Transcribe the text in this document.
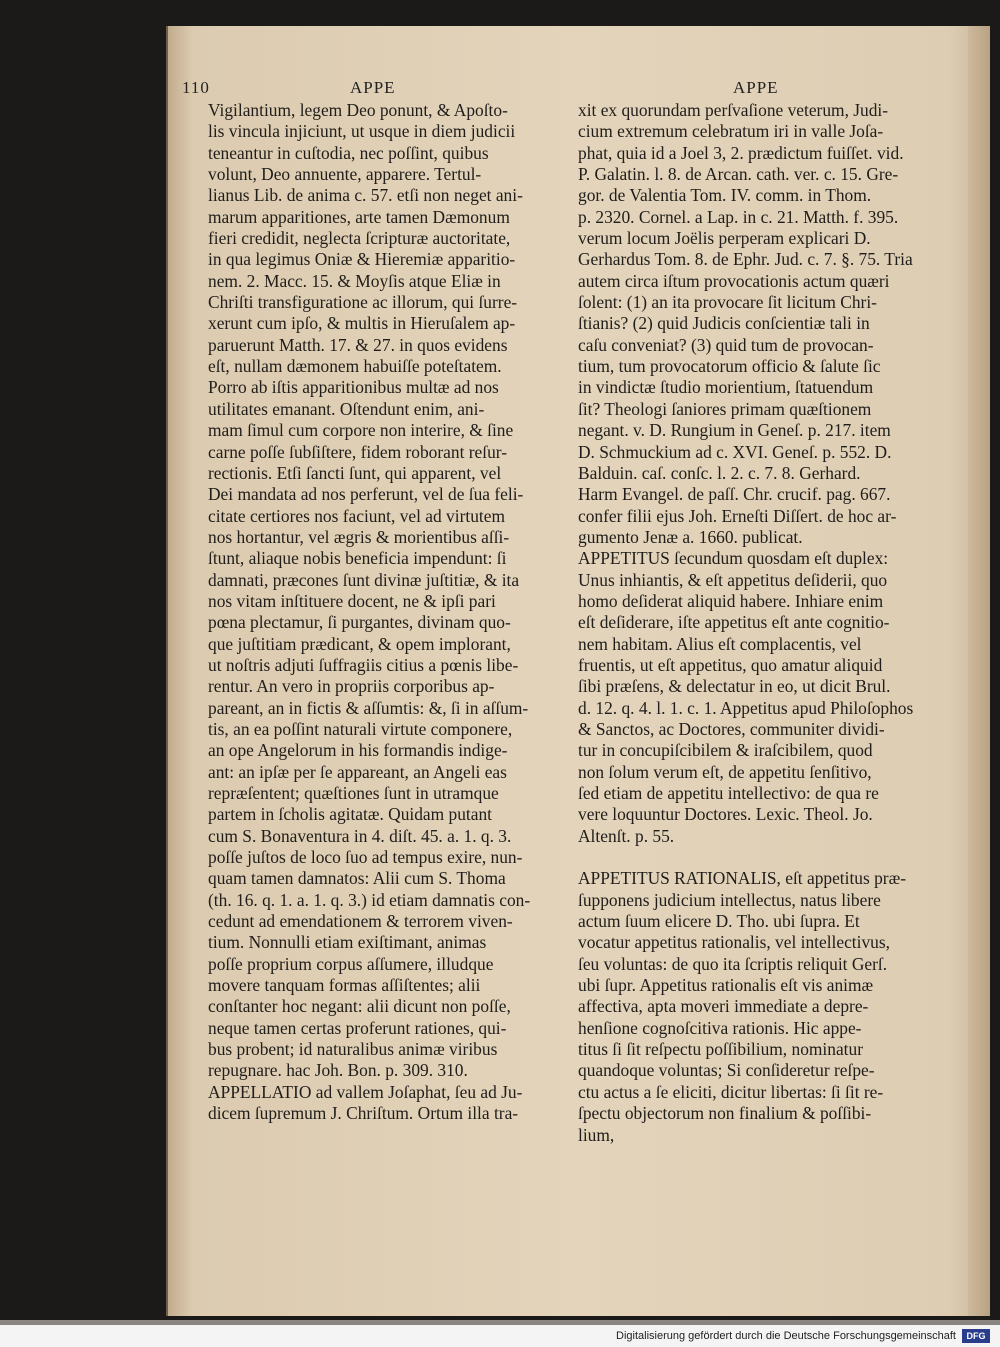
110	APPE	APPE
Vigilantium, legem Deo ponunt, & Apoſto-
lis vincula injiciunt, ut usque in diem judicii
teneantur in cuſtodia, nec poſſint, quibus
volunt, Deo annuente, apparere. Tertul-
lianus Lib. de anima c. 57. etſi non neget ani-
marum apparitiones, arte tamen Dæmonum
fieri credidit, neglecta ſcripturæ auctoritate,
in qua legimus Oniæ & Hieremiæ apparitio-
nem. 2. Macc. 15. & Moyſis atque Eliæ in
Chriſti transfiguratione ac illorum, qui ſurre-
xerunt cum ipſo, & multis in Hieruſalem ap-
paruerunt Matth. 17. & 27. in quos evidens
eſt, nullam dæmonem habuiſſe poteſtatem.
Porro ab iſtis apparitionibus multæ ad nos
utilitates emanant. Oſtendunt enim, ani-
mam ſimul cum corpore non interire, & ſine
carne poſſe ſubſiſtere, fidem roborant reſur-
rectionis. Etſi ſancti ſunt, qui apparent, vel
Dei mandata ad nos perferunt, vel de ſua feli-
citate certiores nos faciunt, vel ad virtutem
nos hortantur, vel ægris & morientibus aſſi-
ſtunt, aliaque nobis beneficia impendunt: ſi
damnati, præcones ſunt divinæ juſtitiæ, & ita
nos vitam inſtituere docent, ne & ipſi pari
pœna plectamur, ſi purgantes, divinam quo-
que juſtitiam prædicant, & opem implorant,
ut noſtris adjuti ſuffragiis citius a pœnis libe-
rentur. An vero in propriis corporibus ap-
pareant, an in fictis & aſſumtis: &, ſi in aſſum-
tis, an ea poſſint naturali virtute componere,
an ope Angelorum in his formandis indige-
ant: an ipſæ per ſe appareant, an Angeli eas
repræſentent; quæſtiones ſunt in utramque
partem in ſcholis agitatæ. Quidam putant
cum S. Bonaventura in 4. diſt. 45. a. 1. q. 3.
poſſe juſtos de loco ſuo ad tempus exire, nun-
quam tamen damnatos: Alii cum S. Thoma
(th. 16. q. 1. a. 1. q. 3.) id etiam damnatis con-
cedunt ad emendationem & terrorem viven-
tium. Nonnulli etiam exiſtimant, animas
poſſe proprium corpus aſſumere, illudque
movere tanquam formas aſſiſtentes; alii
conſtanter hoc negant: alii dicunt non poſſe,
neque tamen certas proferunt rationes, qui-
bus probent; id naturalibus animæ viribus
repugnare. hac Joh. Bon. p. 309. 310.
APPELLATIO ad vallem Joſaphat, ſeu ad Ju-
dicem ſupremum J. Chriſtum. Ortum illa tra-
xit ex quorundam perſvaſione veterum, Judi-
cium extremum celebratum iri in valle Joſa-
phat, quia id a Joel 3, 2. prædictum fuiſſet. vid.
P. Galatin. l. 8. de Arcan. cath. ver. c. 15. Gre-
gor. de Valentia Tom. IV. comm. in Thom.
p. 2320. Cornel. a Lap. in c. 21. Matth. f. 395.
verum locum Joëlis perperam explicari D.
Gerhardus Tom. 8. de Ephr. Jud. c. 7. §. 75. Tria
autem circa iſtum provocationis actum quæri
ſolent: (1) an ita provocare ſit licitum Chri-
ſtianis? (2) quid Judicis conſcientiæ tali in
caſu conveniat? (3) quid tum de provocan-
tium, tum provocatorum officio & ſalute ſic
in vindictæ ſtudio morientium, ſtatuendum
ſit? Theologi ſaniores primam quæſtionem
negant. v. D. Rungium in Geneſ. p. 217. item
D. Schmuckium ad c. XVI. Geneſ. p. 552. D.
Balduin. caſ. conſc. l. 2. c. 7. 8. Gerhard.
Harm Evangel. de paſſ. Chr. crucif. pag. 667.
confer filii ejus Joh. Erneſti Diſſert. de hoc ar-
gumento Jenæ a. 1660. publicat.
APPETITUS ſecundum quosdam eſt duplex:
Unus inhiantis, & eſt appetitus deſiderii, quo
homo deſiderat aliquid habere. Inhiare enim
eſt deſiderare, iſte appetitus eſt ante cognitio-
nem habitam. Alius eſt complacentis, vel
fruentis, ut eſt appetitus, quo amatur aliquid
ſibi præſens, & delectatur in eo, ut dicit Brul.
d. 12. q. 4. l. 1. c. 1. Appetitus apud Philoſophos
& Sanctos, ac Doctores, communiter dividi-
tur in concupiſcibilem & iraſcibilem, quod
non ſolum verum eſt, de appetitu ſenſitivo,
ſed etiam de appetitu intellectivo: de qua re
vere loquuntur Doctores. Lexic. Theol. Jo.
Altenſt. p. 55.
APPETITUS RATIONALIS, eſt appetitus præ-
ſupponens judicium intellectus, natus libere
actum ſuum elicere D. Tho. ubi ſupra. Et
vocatur appetitus rationalis, vel intellectivus,
ſeu voluntas: de quo ita ſcriptis reliquit Gerſ.
ubi ſupr. Appetitus rationalis eſt vis animæ
affectiva, apta moveri immediate a depre-
henſione cognoſcitiva rationis. Hic appe-
titus ſi ſit reſpectu poſſibilium, nominatur
quandoque voluntas; Si conſideretur reſpe-
ctu actus a ſe eliciti, dicitur libertas: ſi ſit re-
ſpectu objectorum non finalium & poſſibi-
lium,
Digitalisierung gefördert durch die Deutsche Forschungsgemeinschaft	DFG
